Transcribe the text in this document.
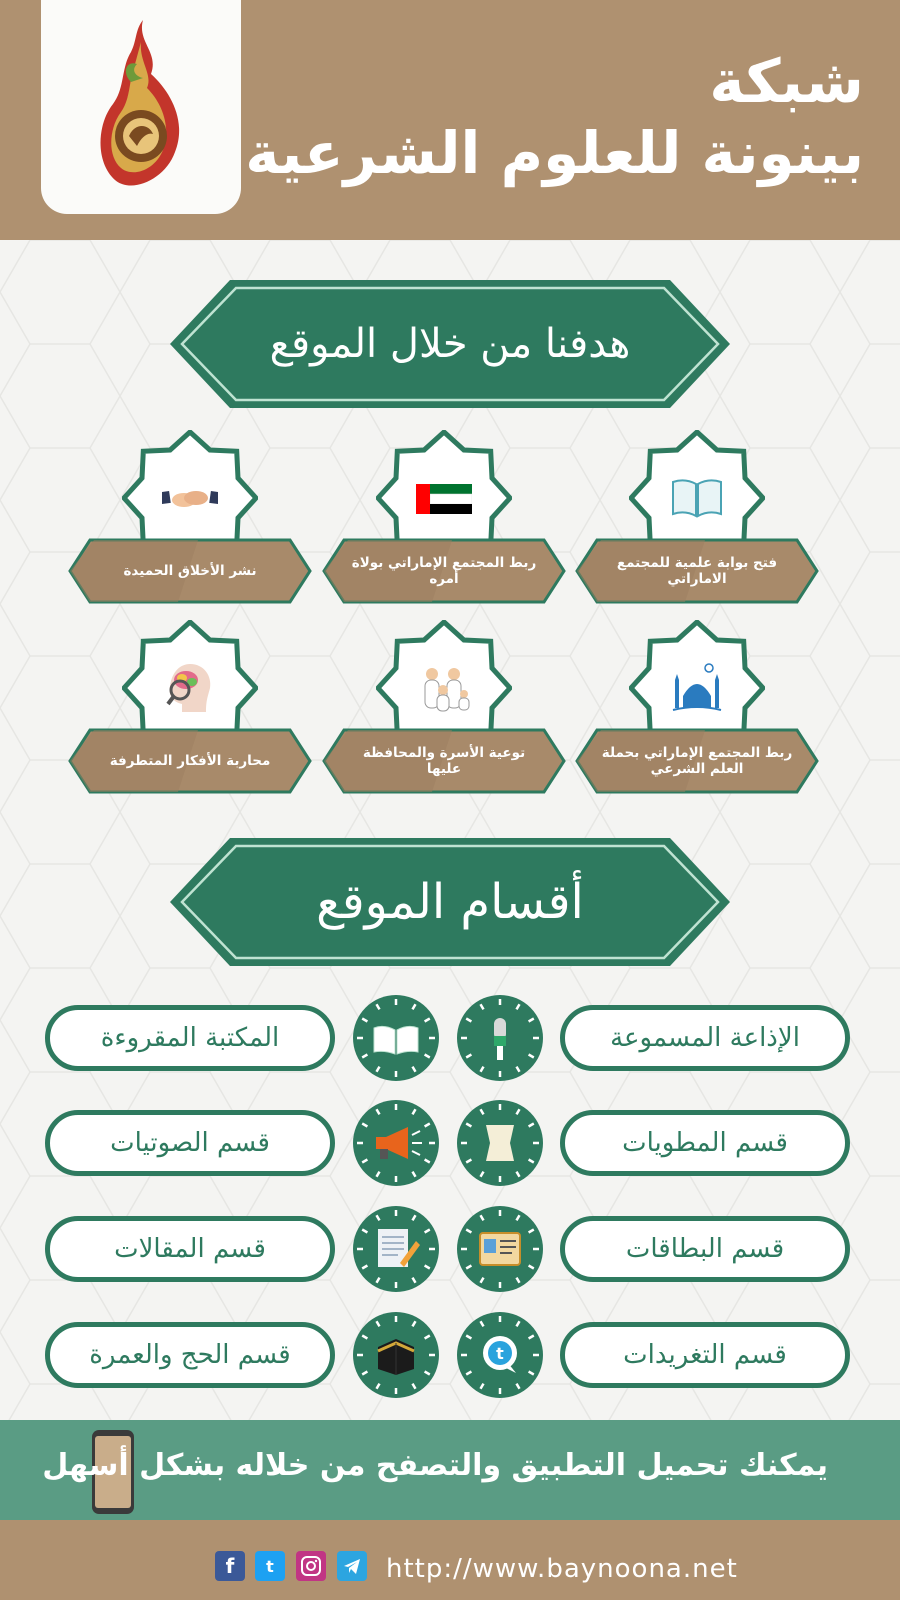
شبكة
بينونة للعلوم الشرعية
هدفنا من خلال الموقع
فتح بوابة علمية للمجتمع الاماراتي
ربط المجتمع الإماراتي بولاة أمره
نشر الأخلاق الحميدة
ربط المجتمع الإماراتي بحملة العلم الشرعي
توعية الأسرة والمحافظة عليها
محاربة الأفكار المتطرفة
أقسام الموقع
الإذاعة المسموعة
المكتبة المقروءة
قسم المطويات
قسم الصوتيات
قسم البطاقات
قسم المقالات
قسم التغريدات
t
قسم الحج والعمرة
يمكنك تحميل التطبيق والتصفح من خلاله بشكل أسهل
f	t	http://www.baynoona.net
